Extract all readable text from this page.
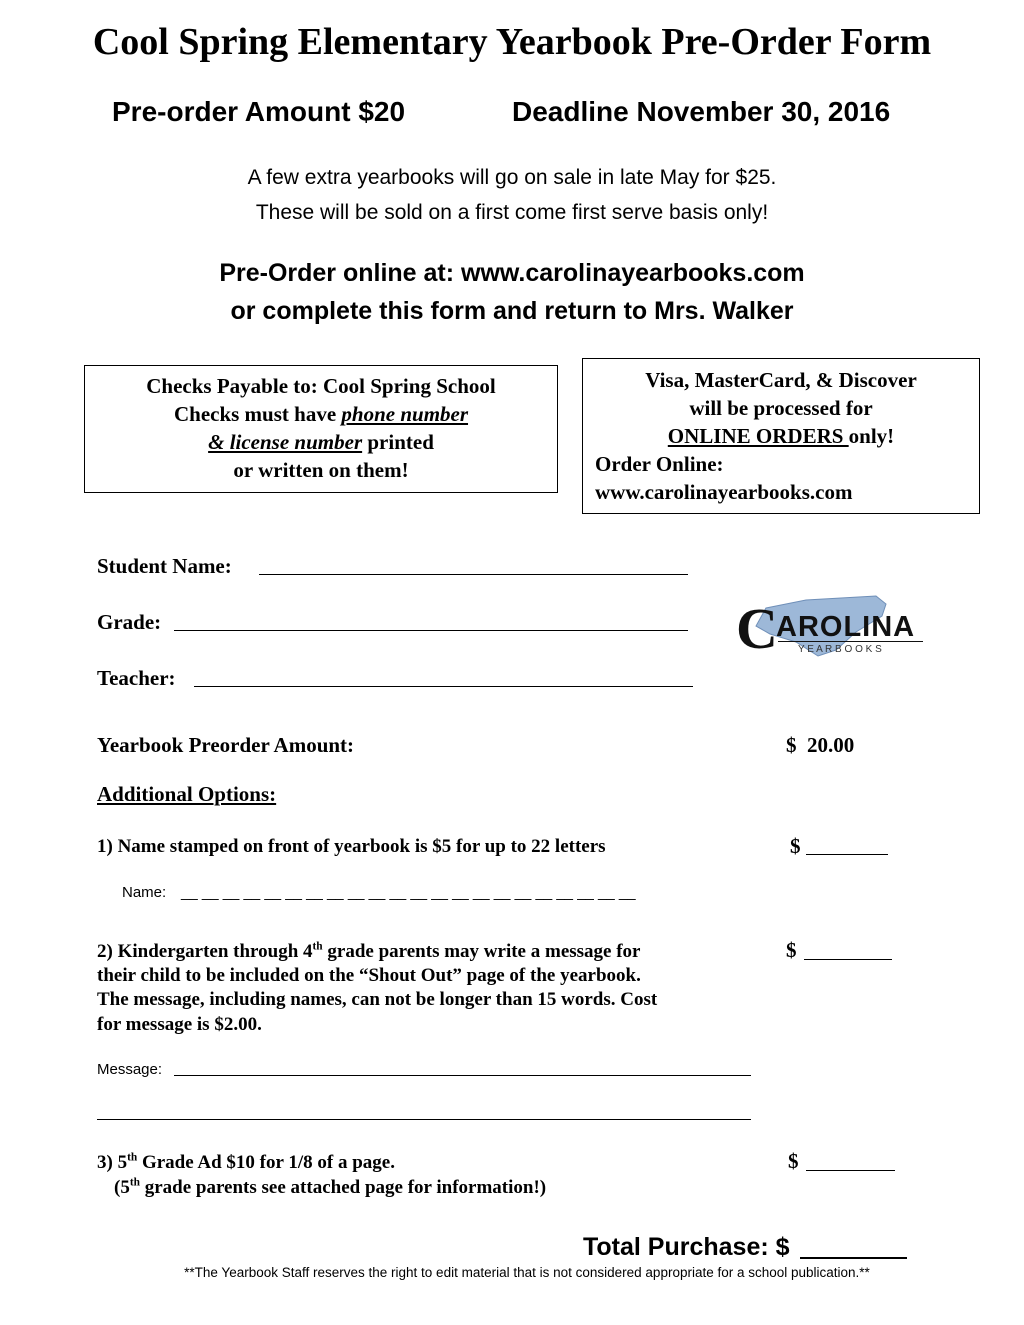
Cool Spring Elementary Yearbook Pre-Order Form
Pre-order Amount $20	Deadline November 30, 2016
A few extra yearbooks will go on sale in late May for $25.
These will be sold on a first come first serve basis only!
Pre-Order online at: www.carolinayearbooks.com
or complete this form and return to Mrs. Walker
Checks Payable to: Cool Spring School
Checks must have phone number
& license number printed
or written on them!
Visa, MasterCard, & Discover
will be processed for
ONLINE ORDERS only!
Order Online:
www.carolinayearbooks.com
Student Name:
Grade:
Teacher:
C
AROLINA
Y E A R B O O K S
Yearbook Preorder Amount:	$  20.00
Additional Options:
1) Name stamped on front of yearbook is $5 for up to 22 letters	$
Name: __ __ __ __ __ __ __ __ __ __ __ __ __ __ __ __ __ __ __ __ __ __
2) Kindergarten through 4th grade parents may write a message for
their child to be included on the “Shout Out” page of the yearbook.
The message, including names, can not be longer than 15 words. Cost
for message is $2.00.
$
Message:
3) 5th Grade Ad $10 for 1/8 of a page.
(5th grade parents see attached page for information!)
$
Total Purchase: $
**The Yearbook Staff reserves the right to edit material that is not considered appropriate for a school publication.**
